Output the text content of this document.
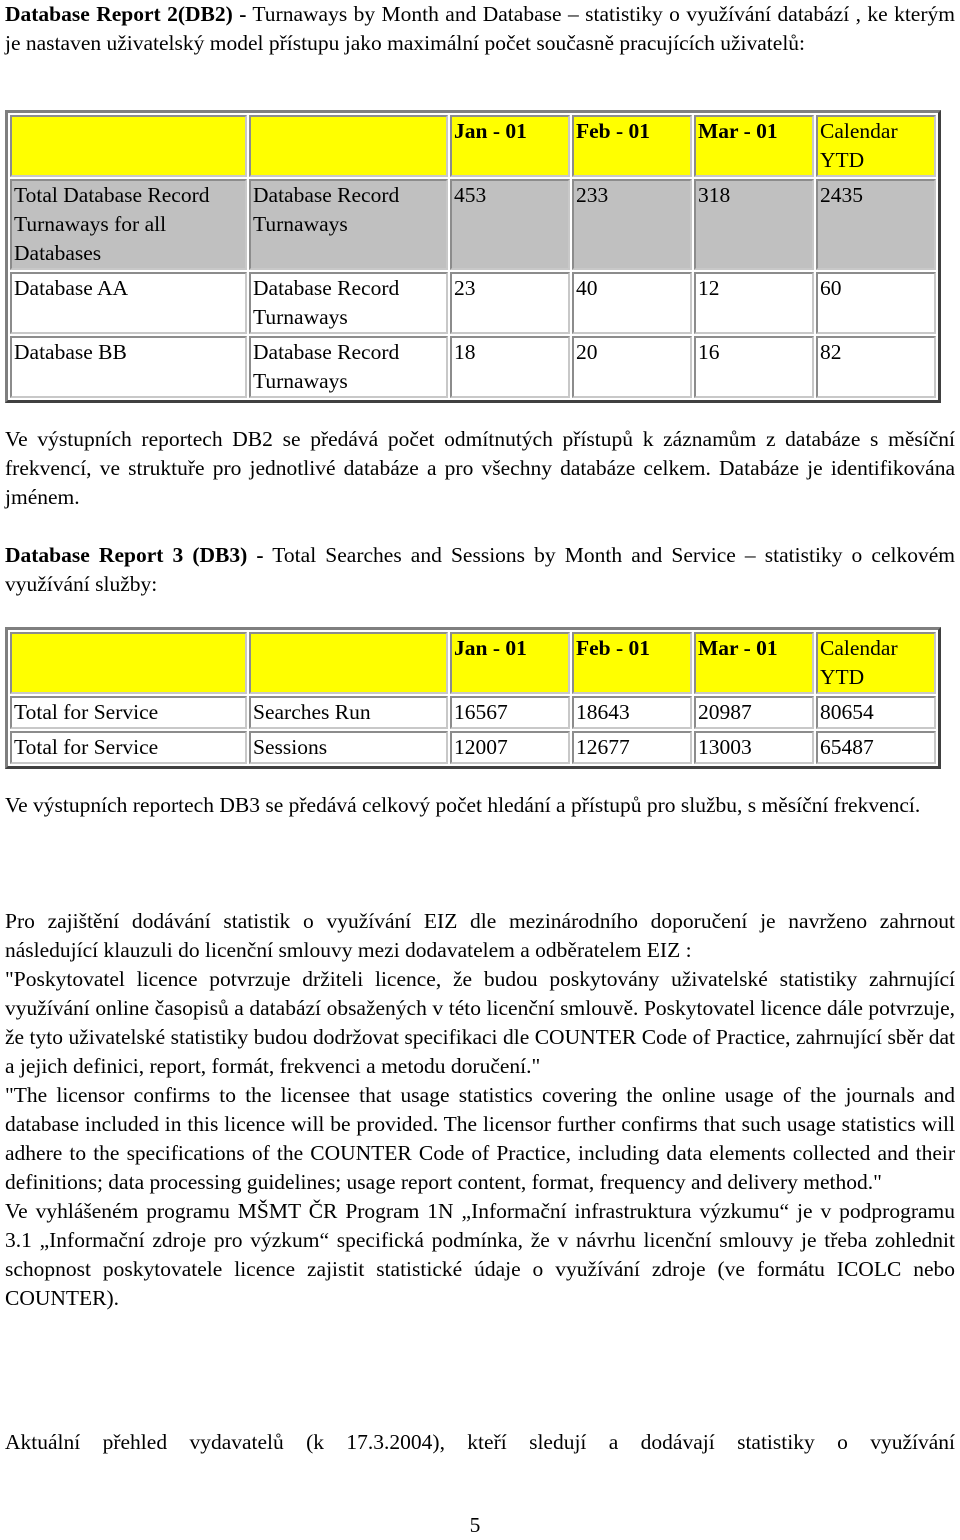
Database Report 2(DB2) - Turnaways by Month and Database – statistiky o využívání databází , ke kterým je nastaven uživatelský model přístupu jako maximální počet současně pracujících uživatelů:

		Jan - 01	Feb - 01	Mar - 01	Calendar YTD
Total Database Record Turnaways for all Databases	Database Record Turnaways	453	233	318	2435
Database AA	Database Record Turnaways	23	40	12	60
Database BB	Database Record Turnaways	18	20	16	82

Ve výstupních reportech DB2 se předává počet odmítnutých přístupů k záznamům z databáze s měsíční frekvencí, ve struktuře pro jednotlivé databáze a pro všechny databáze celkem. Databáze je identifikována jménem.

Database Report 3 (DB3) - Total Searches and Sessions by Month and Service – statistiky o celkovém využívání služby:

		Jan - 01	Feb - 01	Mar - 01	Calendar YTD
Total for Service	Searches Run	16567	18643	20987	80654
Total for Service	Sessions	12007	12677	13003	65487

Ve výstupních reportech DB3 se předává celkový počet hledání a přístupů pro službu, s měsíční frekvencí.

Pro zajištění dodávání statistik o využívání EIZ dle mezinárodního doporučení je navrženo zahrnout následující klauzuli do licenční smlouvy mezi dodavatelem a odběratelem EIZ :

"Poskytovatel licence potvrzuje držiteli licence, že budou poskytovány uživatelské statistiky zahrnující využívání online časopisů a databází obsažených v této licenční smlouvě. Poskytovatel licence dále potvrzuje, že tyto uživatelské statistiky budou dodržovat specifikaci dle COUNTER Code of Practice, zahrnující sběr dat a jejich definici, report, formát, frekvenci a metodu doručení."

"The licensor confirms to the licensee that usage statistics covering the online usage of the journals and database included in this licence will be provided. The licensor further confirms that such usage statistics will adhere to the specifications of the COUNTER Code of Practice, including data elements collected and their definitions; data processing guidelines; usage report content, format, frequency and delivery method."

Ve vyhlášeném programu MŠMT ČR Program 1N „Informační infrastruktura výzkumu“ je v podprogramu 3.1 „Informační zdroje pro výzkum“ specifická podmínka, že v návrhu licenční smlouvy je třeba zohlednit schopnost poskytovatele licence zajistit statistické údaje o využívání zdroje (ve formátu ICOLC nebo COUNTER).

Aktuální přehled vydavatelů (k 17.3.2004), kteří sledují a dodávají statistiky o využívání

5
